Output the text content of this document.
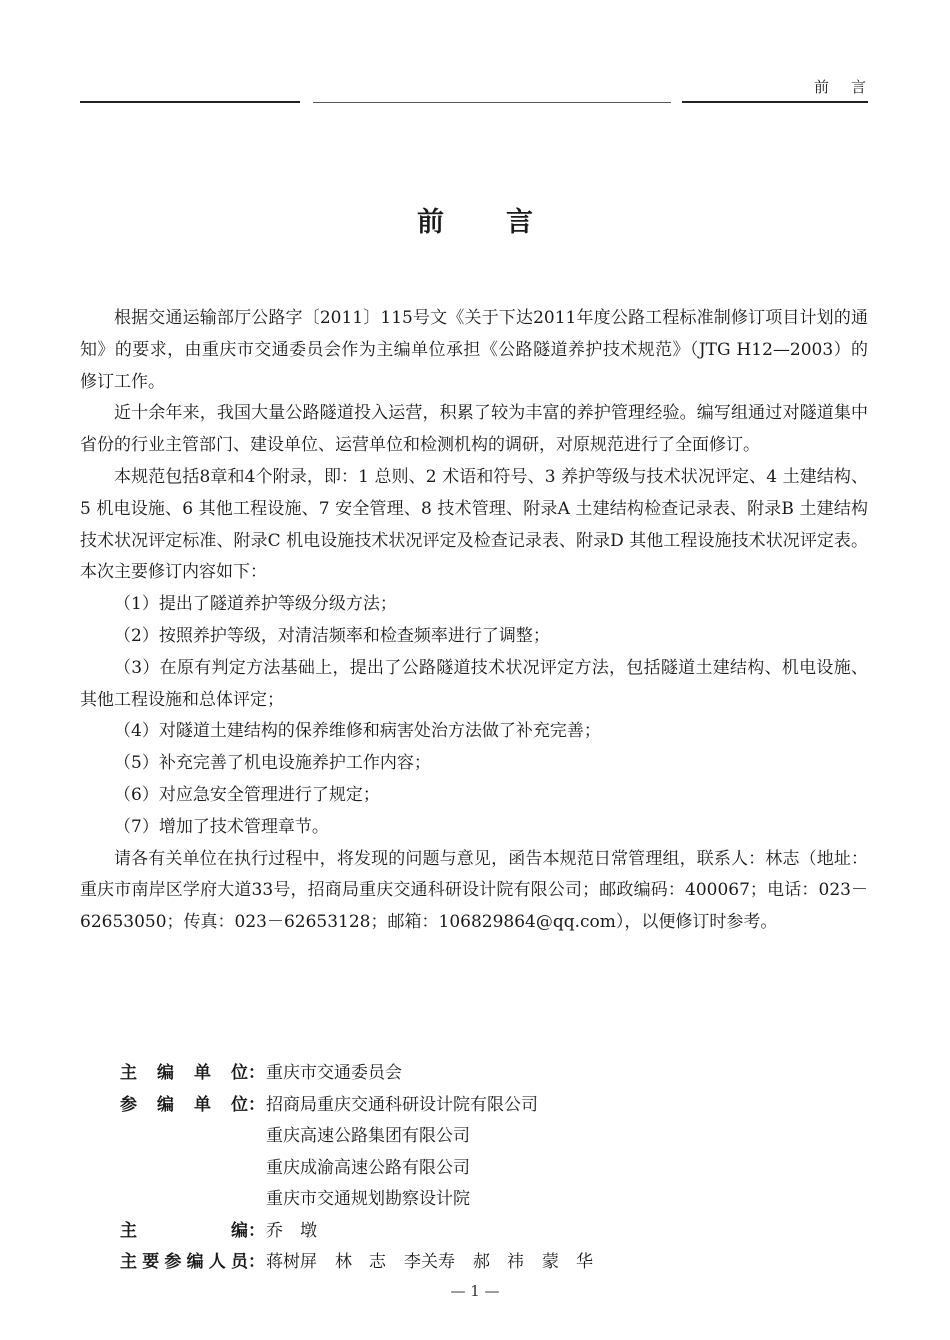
前言
前言

根据交通运输部厅公路字〔2011〕115号文《关于下达2011年度公路工程标准制修订项目计划的通知》的要求，由重庆市交通委员会作为主编单位承担《公路隧道养护技术规范》（JTG H12—2003）的修订工作。

近十余年来，我国大量公路隧道投入运营，积累了较为丰富的养护管理经验。编写组通过对隧道集中省份的行业主管部门、建设单位、运营单位和检测机构的调研，对原规范进行了全面修订。

本规范包括8章和4个附录，即：1 总则、2 术语和符号、3 养护等级与技术状况评定、4 土建结构、5 机电设施、6 其他工程设施、7 安全管理、8 技术管理、附录A 土建结构检查记录表、附录B 土建结构技术状况评定标准、附录C 机电设施技术状况评定及检查记录表、附录D 其他工程设施技术状况评定表。本次主要修订内容如下：

（1）提出了隧道养护等级分级方法；

（2）按照养护等级，对清洁频率和检查频率进行了调整；

（3）在原有判定方法基础上，提出了公路隧道技术状况评定方法，包括隧道土建结构、机电设施、其他工程设施和总体评定；

（4）对隧道土建结构的保养维修和病害处治方法做了补充完善；

（5）补充完善了机电设施养护工作内容；

（6）对应急安全管理进行了规定；

（7）增加了技术管理章节。

请各有关单位在执行过程中，将发现的问题与意见，函告本规范日常管理组，联系人：林志（地址：重庆市南岸区学府大道33号，招商局重庆交通科研设计院有限公司；邮政编码：400067；电话：023－62653050；传真：023－62653128；邮箱：106829864@qq.com），以便修订时参考。

主编单位 ： 重庆市交通委员会
参编单位 ： 招商局重庆交通科研设计院有限公司
重庆高速公路集团有限公司
重庆成渝高速公路有限公司
重庆市交通规划勘察设计院
主编 ： 乔　墩
主要参编人员 ： 蒋树屏 林　志 李关寿 郝　祎 蒙　华
— 1 —
